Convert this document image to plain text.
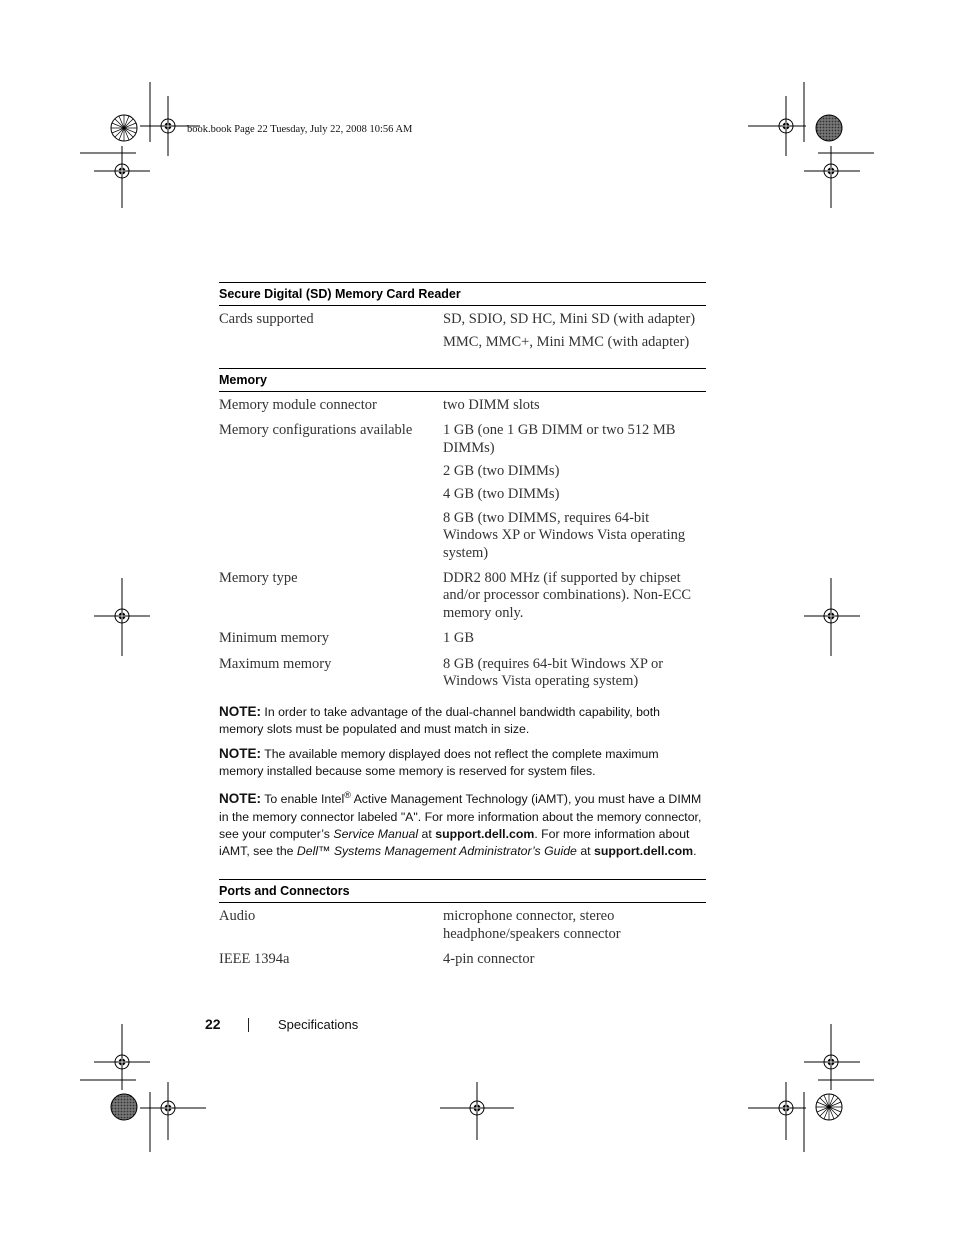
book.book Page 22 Tuesday, July 22, 2008 10:56 AM
Secure Digital (SD) Memory Card Reader
Cards supported	SD, SDIO, SD HC, Mini SD (with adapter)
MMC, MMC+, Mini MMC (with adapter)
Memory
Memory module connector	two DIMM slots
Memory configurations available	1 GB (one 1 GB DIMM or two 512 MB DIMMs)
2 GB (two DIMMs)
4 GB (two DIMMs)
8 GB (two DIMMS, requires 64-bit Windows XP or Windows Vista operating system)
Memory type	DDR2 800 MHz (if supported by chipset and/or processor combinations). Non-ECC memory only.
Minimum memory	1 GB
Maximum memory	8 GB (requires 64-bit Windows XP or Windows Vista operating system)
NOTE: In order to take advantage of the dual-channel bandwidth capability, both memory slots must be populated and must match in size.
NOTE: The available memory displayed does not reflect the complete maximum memory installed because some memory is reserved for system files.
NOTE: To enable Intel® Active Management Technology (iAMT), you must have a DIMM in the memory connector labeled "A". For more information about the memory connector, see your computer’s Service Manual at support.dell.com. For more information about iAMT, see the Dell™ Systems Management Administrator’s Guide at support.dell.com.
Ports and Connectors
Audio	microphone connector, stereo headphone/speakers connector
IEEE 1394a	4-pin connector
22	Specifications
